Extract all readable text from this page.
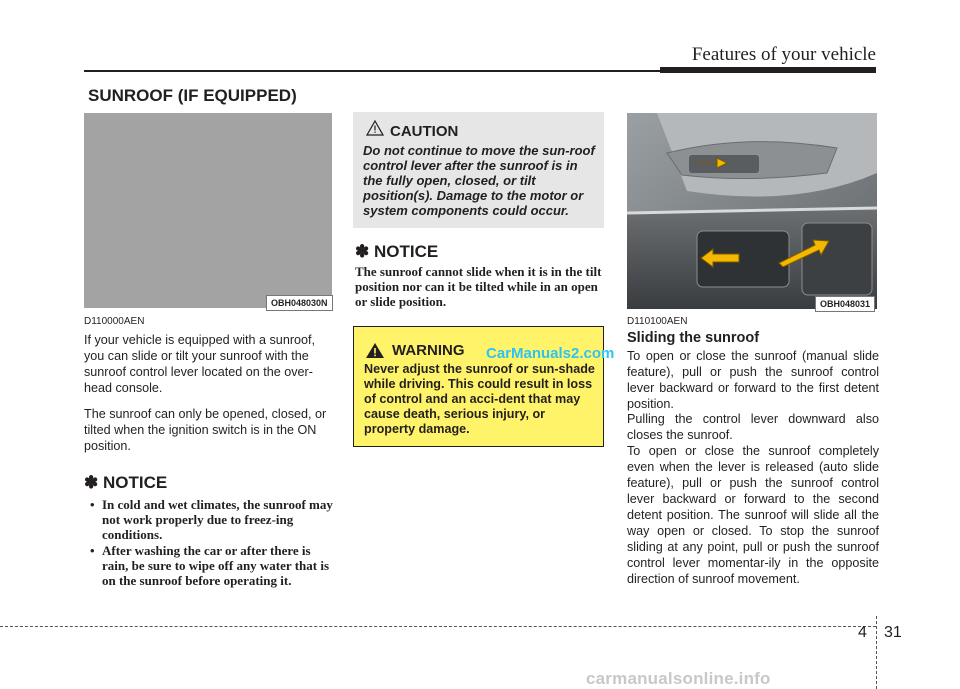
Features of your vehicle
SUNROOF (IF EQUIPPED)
OBH048030N
D110000AEN
If your vehicle is equipped with a sunroof, you can slide or tilt your sunroof with the sunroof control lever located on the over-head console.
The sunroof can only be opened, closed, or tilted when the ignition switch is in the ON position.
✽ NOTICE
• In cold and wet climates, the sunroof may not work properly due to freez-ing conditions.
• After washing the car or after there is rain, be sure to wipe off any water that is on the sunroof before operating it.
CAUTION
Do not continue to move the sun-roof control lever after the sunroof is in the fully open, closed, or tilt position(s). Damage to the motor or system components could occur.
✽ NOTICE
The sunroof cannot slide when it is in the tilt position nor can it be tilted while in an open or slide position.
WARNING
Never adjust the sunroof or sun-shade while driving. This could result in loss of control and an acci-dent that may cause death, serious injury, or property damage.
CarManuals2.com
OBH048031
D110100AEN
Sliding the sunroof
To open or close the sunroof (manual slide feature), pull or push the sunroof control lever backward or forward to the first detent position.
Pulling the control lever downward also closes the sunroof.
To open or close the sunroof completely even when the lever is released (auto slide feature), pull or push the sunroof control lever backward or forward to the second detent position. The sunroof will slide all the way open or closed. To stop the sunroof sliding at any point, pull or push the sunroof control lever momentar-ily in the opposite direction of sunroof movement.
4 31
carmanualsonline.info
